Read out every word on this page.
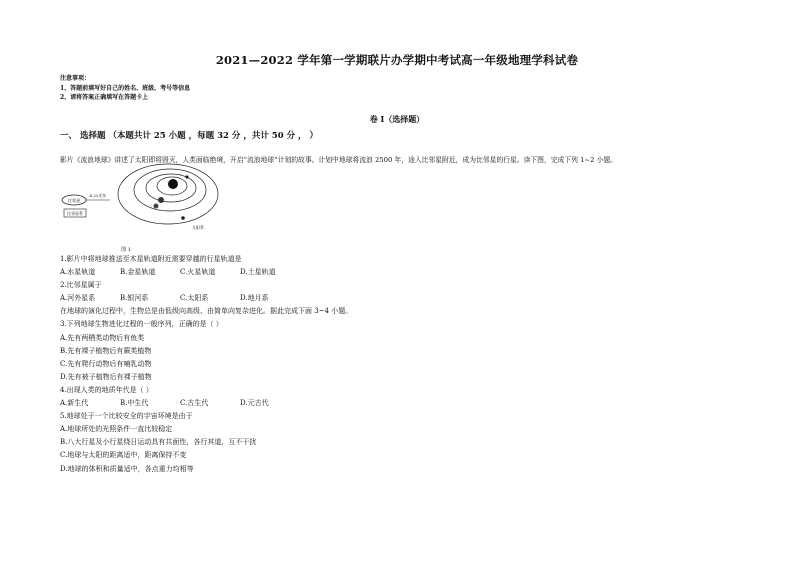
2021—2022 学年第一学期联片办学期中考试高一年级地理学科试卷
注意事项：
1、答题前填写好自己的姓名、班级、考号等信息
2、请将答案正确填写在答题卡上
卷 I（选择题）
一、 选择题 （本题共计 25 小题 ，每题 32 分 ，共计 50 分 ， ）
影片《流浪地球》讲述了太阳即将毁灭，人类面临绝境，开启“流浪地球”计划的故事。计划中地球将流浪 2500 年，途入比邻星附近，成为比邻星的行星。读下图，完成下列 1~2 小题。
比邻星
4.22光年
比邻星系
太阳系
图 1
1.影片中将地球推送至木星轨道附近需要穿越的行星轨道是
A.水星轨道	B.金星轨道	C.火星轨道	D.土星轨道
2.比邻星属于
A.河外星系	B.银河系	C.太阳系	D.地月系
在地球的演化过程中，生物总是由低级向高级、由简单向复杂进化。据此完成下面 3~4 小题。
3.下列地球生物进化过程的一般序列，正确的是（ ）
A.先有两栖类动物后有鱼类
B.先有裸子植物后有蕨类植物
C.先有爬行动物后有哺乳动物
D.先有被子植物后有裸子植物
4.出现人类的地质年代是（ ）
A.新生代	B.中生代	C.古生代	D.元古代
5.地球处于一个比较安全的宇宙环境是由于
A.地球所处的光照条件一直比较稳定
B.八大行星及小行星绕日运动具有共面性，各行其道，互不干扰
C.地球与太阳的距离适中，距离保持不变
D.地球的体积和质量适中，各点重力均相等
